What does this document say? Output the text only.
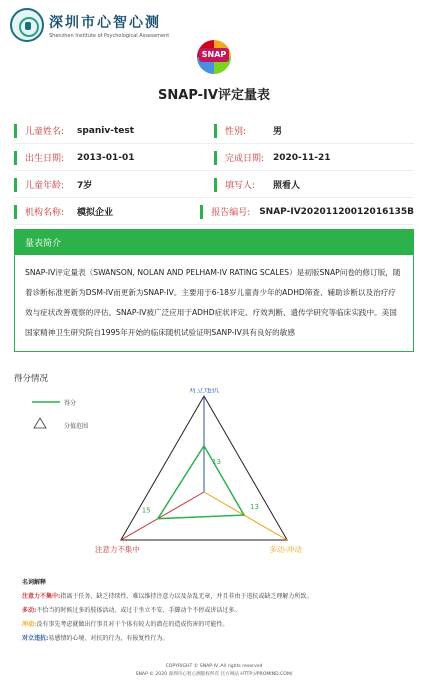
深圳市心智心测
Shenzhen Institute of Psychological Assessment
SNAP
SNAP-IV评定量表
儿童姓名:	spaniv-test	性别:	男
出生日期:	2013-01-01	完成日期: 2020-11-21
儿童年龄:	7岁	填写人:	照看人
机构名称:	模拟企业	报告编号: SNAP-IV20201120012016135B
量表简介
SNAP-IV评定量表（SWANSON, NOLAN AND PELHAM-IV RATING SCALES）是初版SNAP问卷的修订版，随着诊断标准更新为DSM-IV而更新为SNAP-IV。主要用于6-18岁儿童青少年的ADHD筛查、辅助诊断以及治疗疗效与症状改善观察的评估。SNAP-IV被广泛应用于ADHD症状评定、疗效判断、遗传学研究等临床实践中。美国国家精神卫生研究院自1995年开始的临床随机试验证明SANP-IV具有良好的敏感
得分情况
13
15	13
对立违抗
注意力不集中	多动-冲动
得分
分值范围
名词解释
注意力不集中:指离于任务、缺乏持续性、难以维持注意力以及杂乱无章，并且非由于违抗或缺乏理解力所致。
多动:不恰当的时候过多的肢体活动、或过于坐立不安、手脚动个不停或讲话过多。
冲动:没有事先考虑就做出行事且对于个体有较大的潜在的造成伤害的可能性。
对立违抗:易感情的心境、对抗的行为，有报复性行为。
COPYRIGHT © SNAP-IV. All rights reserved
SNAP © 2020 深圳市心智心测版权所有 官方网站 HTTP://PROMIND.COM/
